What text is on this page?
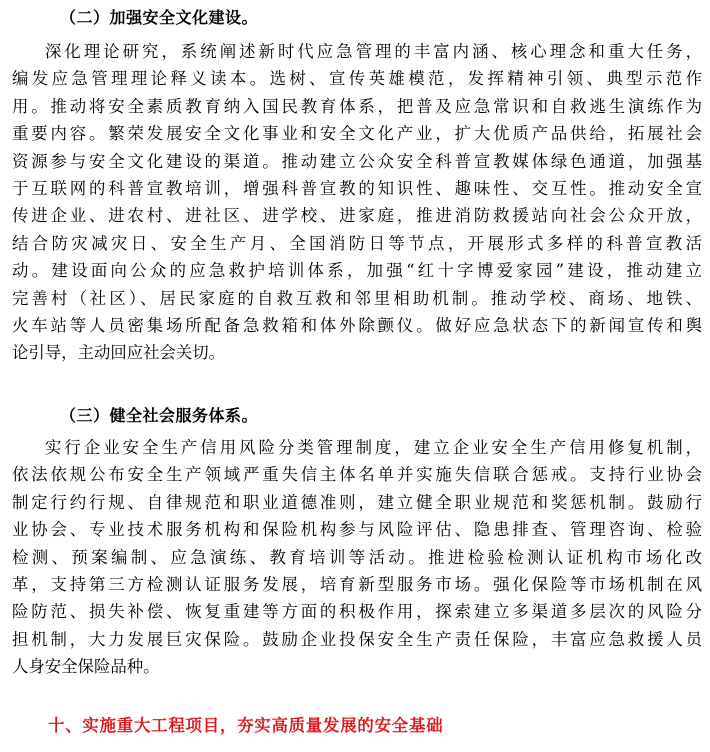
（二）加强安全文化建设。
深化理论研究，系统阐述新时代应急管理的丰富内涵、核心理念和重大任务，
编发应急管理理论释义读本。选树、宣传英雄模范，发挥精神引领、典型示范作
用。推动将安全素质教育纳入国民教育体系，把普及应急常识和自救逃生演练作为
重要内容。繁荣发展安全文化事业和安全文化产业，扩大优质产品供给，拓展社会
资源参与安全文化建设的渠道。推动建立公众安全科普宣教媒体绿色通道，加强基
于互联网的科普宣教培训，增强科普宣教的知识性、趣味性、交互性。推动安全宣
传进企业、进农村、进社区、进学校、进家庭，推进消防救援站向社会公众开放，
结合防灾减灾日、安全生产月、全国消防日等节点，开展形式多样的科普宣教活
动。建设面向公众的应急救护培训体系，加强“红十字博爱家园”建设，推动建立
完善村（社区）、居民家庭的自救互救和邻里相助机制。推动学校、商场、地铁、
火车站等人员密集场所配备急救箱和体外除颤仪。做好应急状态下的新闻宣传和舆
论引导，主动回应社会关切。
（三）健全社会服务体系。
实行企业安全生产信用风险分类管理制度，建立企业安全生产信用修复机制，
依法依规公布安全生产领域严重失信主体名单并实施失信联合惩戒。支持行业协会
制定行约行规、自律规范和职业道德准则，建立健全职业规范和奖惩机制。鼓励行
业协会、专业技术服务机构和保险机构参与风险评估、隐患排查、管理咨询、检验
检测、预案编制、应急演练、教育培训等活动。推进检验检测认证机构市场化改
革，支持第三方检测认证服务发展，培育新型服务市场。强化保险等市场机制在风
险防范、损失补偿、恢复重建等方面的积极作用，探索建立多渠道多层次的风险分
担机制，大力发展巨灾保险。鼓励企业投保安全生产责任保险，丰富应急救援人员
人身安全保险品种。
十、实施重大工程项目，夯实高质量发展的安全基础
